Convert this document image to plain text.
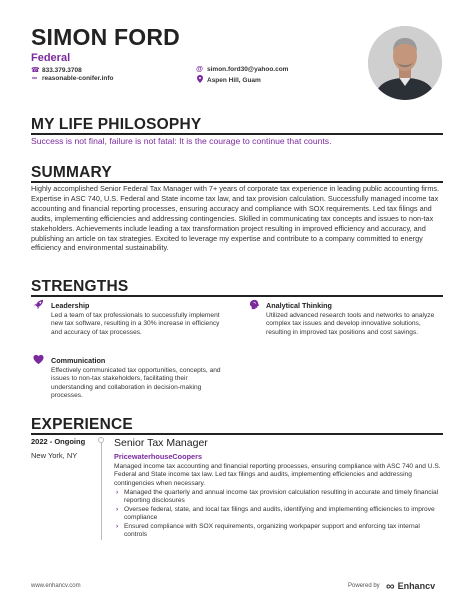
SIMON FORD
Federal
☎ 833.379.3708
∞ reasonable-conifer.info
@ simon.ford30@yahoo.com
Aspen Hill, Guam
MY LIFE PHILOSOPHY
Success is not final, failure is not fatal: It is the courage to continue that counts.
SUMMARY
Highly accomplished Senior Federal Tax Manager with 7+ years of corporate tax experience in leading public accounting firms. Expertise in ASC 740, U.S. Federal and State income tax law, and tax provision calculation. Successfully managed income tax accounting and financial reporting processes, ensuring accuracy and compliance with SOX requirements. Led tax filings and audits, implementing efficiencies and addressing contingencies. Skilled in communicating tax concepts and issues to non-tax stakeholders. Achievements include leading a tax transformation project resulting in improved efficiency and accuracy, and publishing an article on tax strategies. Excited to leverage my expertise and contribute to a company committed to energy efficiency and environmental sustainability.
STRENGTHS
Leadership
Led a team of tax professionals to successfully implement new tax software, resulting in a 30% increase in efficiency and accuracy of tax processes.
Analytical Thinking
Utilized advanced research tools and networks to analyze complex tax issues and develop innovative solutions, resulting in improved tax positions and cost savings.
Communication
Effectively communicated tax opportunities, concepts, and issues to non-tax stakeholders, facilitating their understanding and collaboration in decision-making processes.
EXPERIENCE
2022 - Ongoing
New York, NY
Senior Tax Manager
PricewaterhouseCoopers
Managed income tax accounting and financial reporting processes, ensuring compliance with ASC 740 and U.S. Federal and State income tax law. Led tax filings and audits, implementing efficiencies and addressing contingencies when necessary.
› Managed the quarterly and annual income tax provision calculation resulting in accurate and timely financial reporting disclosures
› Oversee federal, state, and local tax filings and audits, identifying and implementing efficiencies to improve compliance
› Ensured compliance with SOX requirements, organizing workpaper support and enforcing tax internal controls
www.enhancv.com	Powered by ∞ Enhancv
